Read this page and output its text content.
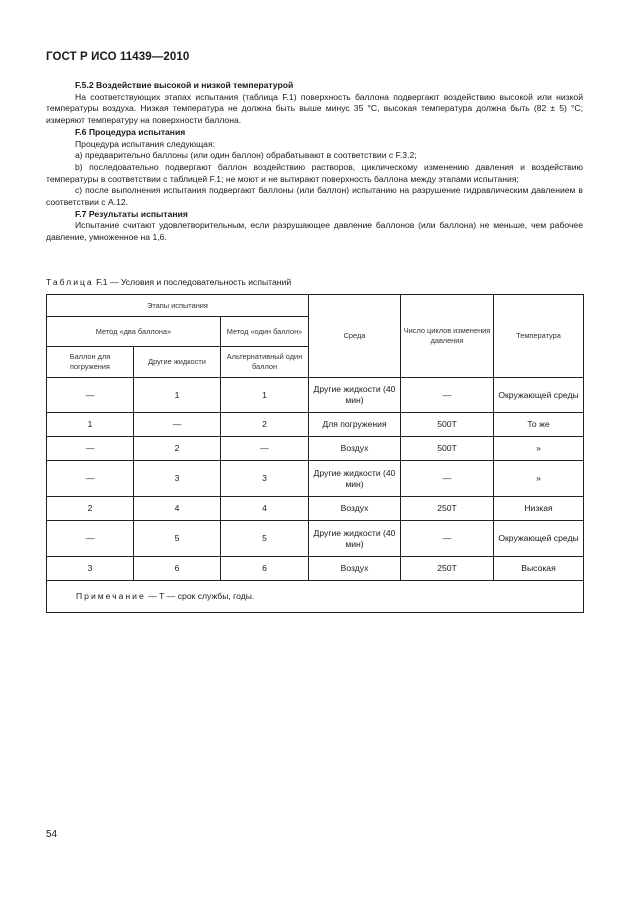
ГОСТ Р ИСО 11439—2010

F.5.2 Воздействие высокой и низкой температурой

На соответствующих этапах испытания (таблица F.1) поверхность баллона подвергают воздействию высокой или низкой температуры воздуха. Низкая температура не должна быть выше минус 35 °С, высокая температура должна быть (82 ± 5) °С; измеряют температуру на поверхности баллона.

F.6 Процедура испытания

Процедура испытания следующая:

а) предварительно баллоны (или один баллон) обрабатывают в соответствии с F.3.2;

b) последовательно подвергают баллон воздействию растворов, циклическому изменению давления и воздействию температуры в соответствии с таблицей F.1; не моют и не вытирают поверхность баллона между этапами испытания;

с) после выполнения испытания подвергают баллоны (или баллон) испытанию на разрушение гидравлическим давлением в соответствии с А.12.

F.7 Результаты испытания

Испытание считают удовлетворительным, если разрушающее давление баллонов (или баллона) не меньше, чем рабочее давление, умноженное на 1,6.

Таблица F.1 — Условия и последовательность испытаний
Этапы испытания			Среда	Число циклов изменения давления	Температура
Метод «два баллона»		Метод «один баллон»			
Баллон для погружения	Другие жидкости	Альтернативный один баллон			
—	1	1	Другие жидкости (40 мин)	—	Окружающей среды
1	—	2	Для погружения	500T	То же
—	2	—	Воздух	500T	»
—	3	3	Другие жидкости (40 мин)	—	»
2	4	4	Воздух	250T	Низкая
—	5	5	Другие жидкости (40 мин)	—	Окружающей среды
3	6	6	Воздух	250T	Высокая
Примечание — Т — срок службы, годы.					
54
